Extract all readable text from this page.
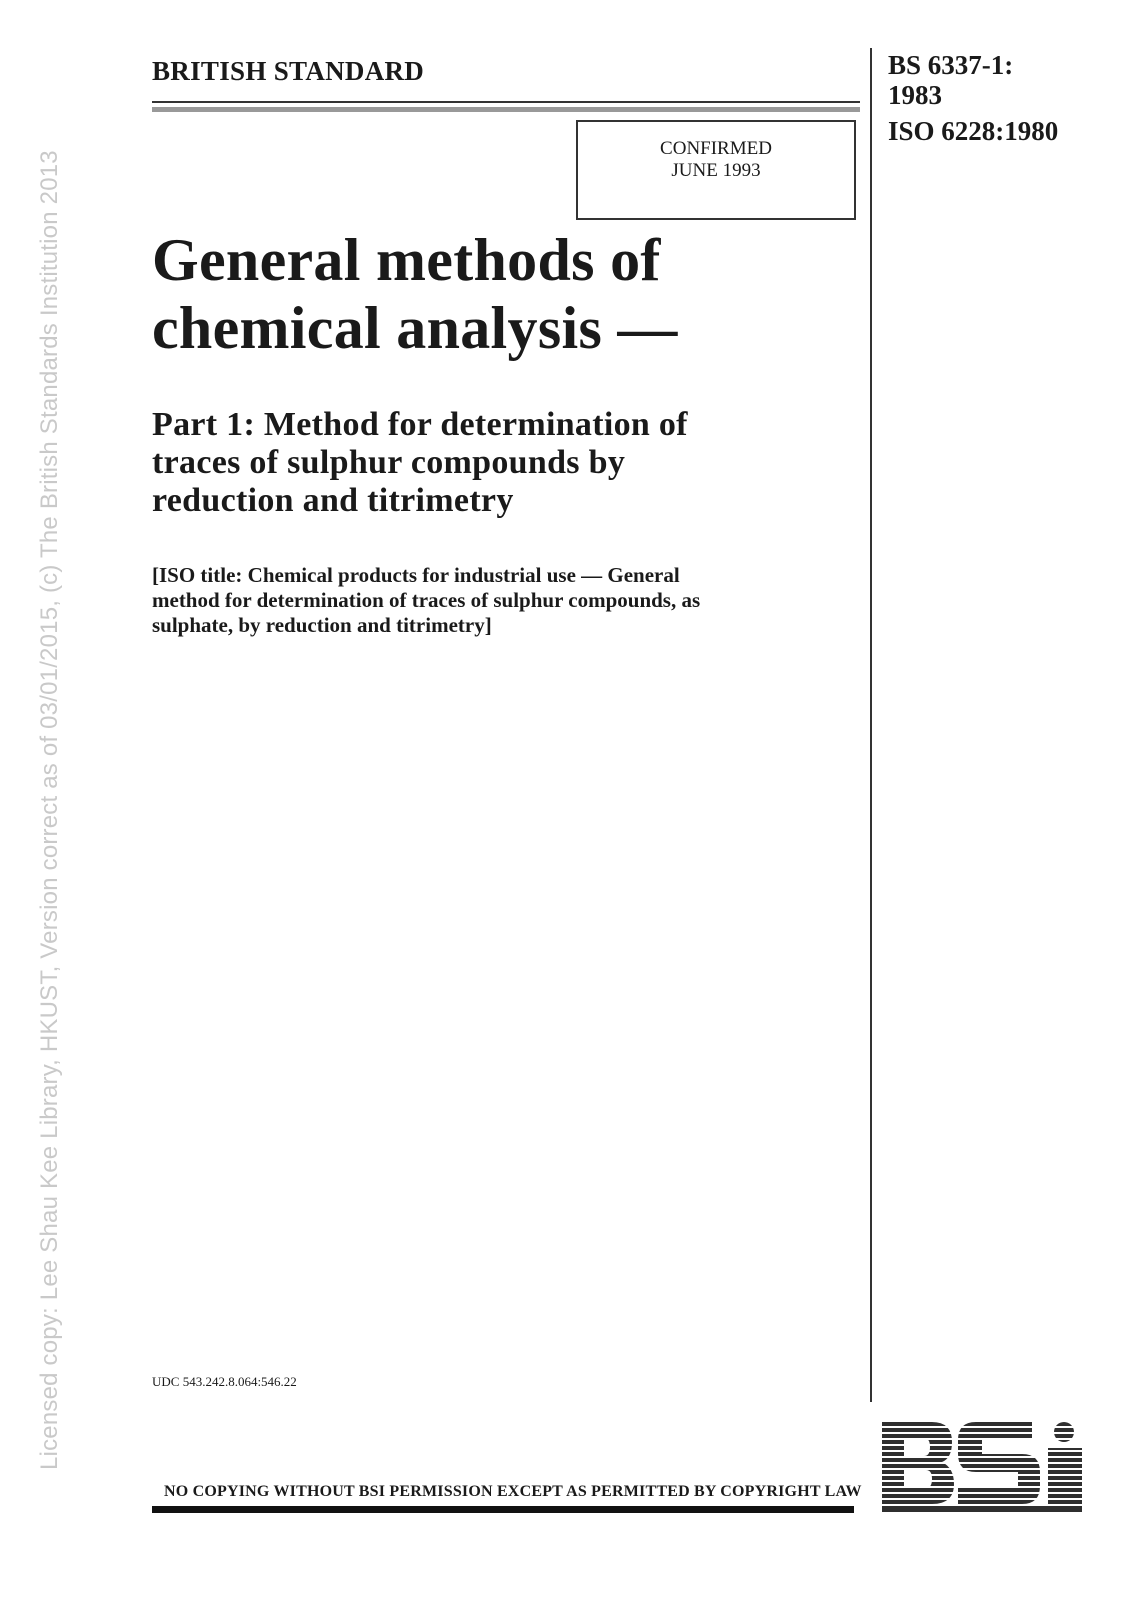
Licensed copy: Lee Shau Kee Library, HKUST, Version correct as of 03/01/2015, (c) The British Standards Institution 2013
BRITISH STANDARD
CONFIRMED
JUNE 1993
BS 6337-1:
1983
ISO 6228:1980
General methods of
chemical analysis —
Part 1: Method for determination of
traces of sulphur compounds by
reduction and titrimetry
[ISO title: Chemical products for industrial use — General
method for determination of traces of sulphur compounds, as
sulphate, by reduction and titrimetry]
UDC 543.242.8.064:546.22
NO COPYING WITHOUT BSI PERMISSION EXCEPT AS PERMITTED BY COPYRIGHT LAW
